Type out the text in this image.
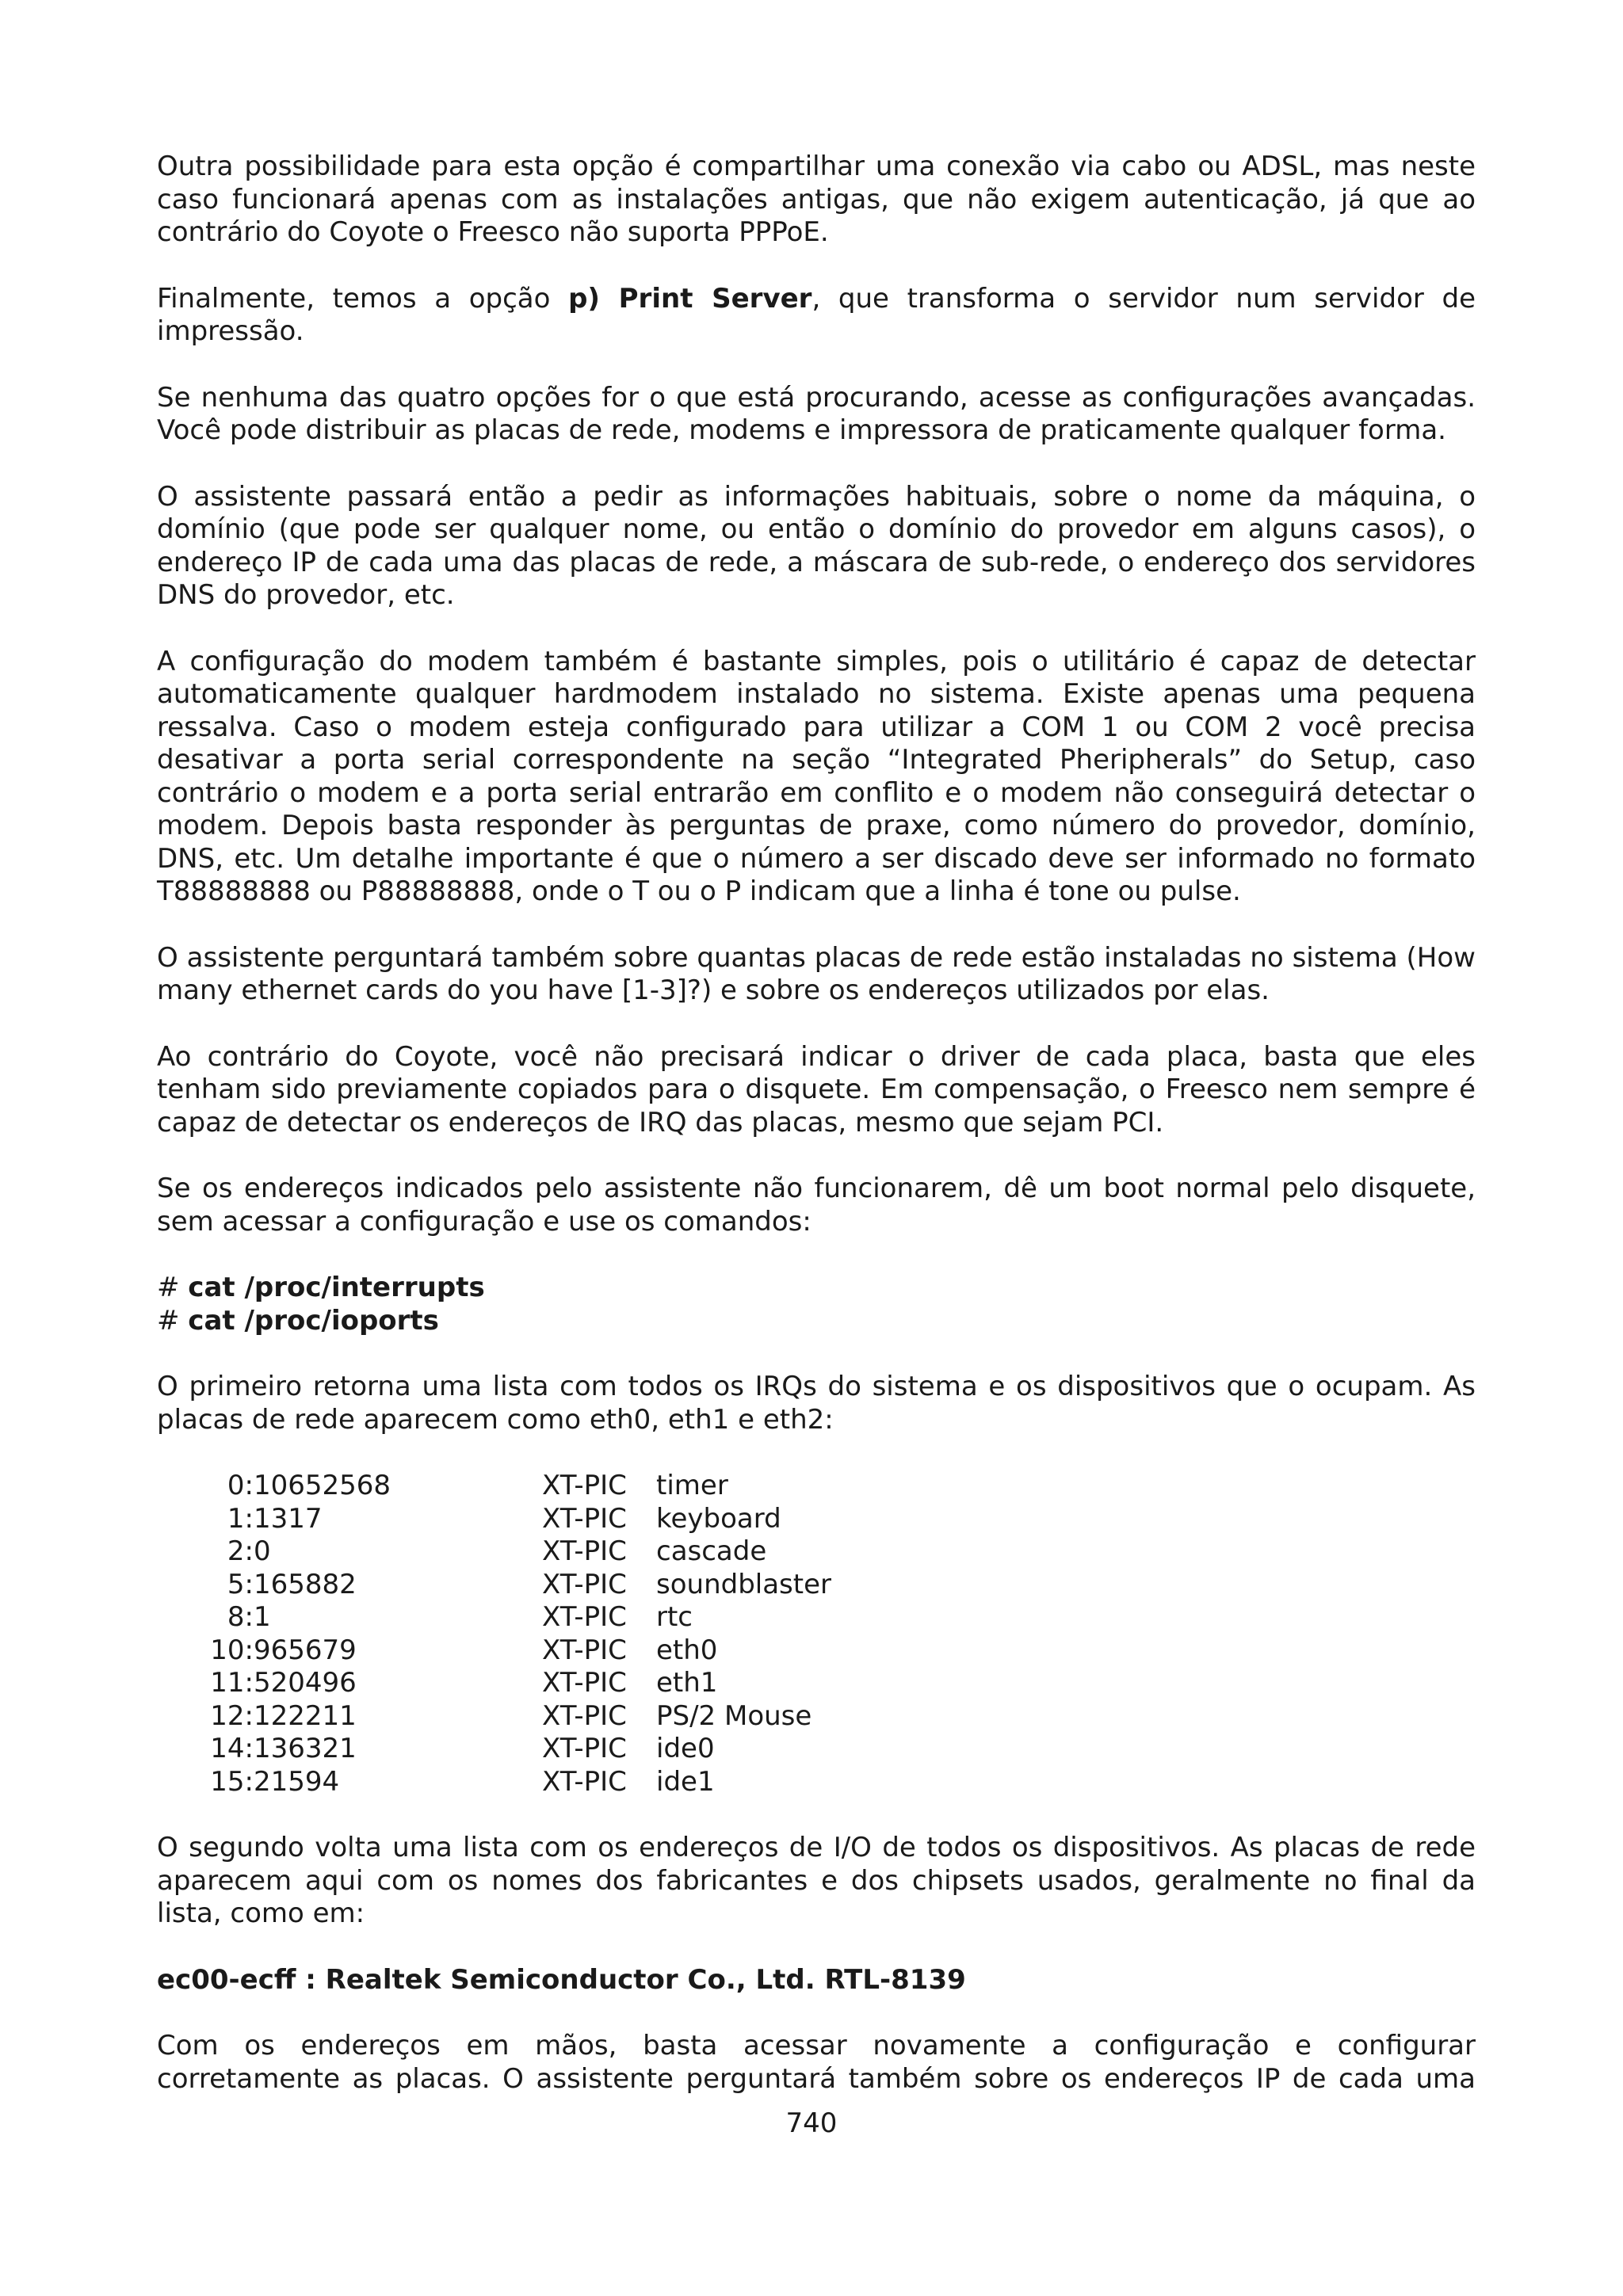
Outra possibilidade para esta opção é compartilhar uma conexão via cabo ou ADSL, mas neste caso funcionará apenas com as instalações antigas, que não exigem autenticação, já que ao contrário do Coyote o Freesco não suporta PPPoE.

Finalmente, temos a opção p) Print Server, que transforma o servidor num servidor de impressão.

Se nenhuma das quatro opções for o que está procurando, acesse as configurações avançadas. Você pode distribuir as placas de rede, modems e impressora de praticamente qualquer forma.

O assistente passará então a pedir as informações habituais, sobre o nome da máquina, o domínio (que pode ser qualquer nome, ou então o domínio do provedor em alguns casos), o endereço IP de cada uma das placas de rede, a máscara de sub-rede, o endereço dos servidores DNS do provedor, etc.

A configuração do modem também é bastante simples, pois o utilitário é capaz de detectar automaticamente qualquer hardmodem instalado no sistema. Existe apenas uma pequena ressalva. Caso o modem esteja configurado para utilizar a COM 1 ou COM 2 você precisa desativar a porta serial correspondente na seção “Integrated Pheripherals” do Setup, caso contrário o modem e a porta serial entrarão em conflito e o modem não conseguirá detectar o modem. Depois basta responder às perguntas de praxe, como número do provedor, domínio, DNS, etc. Um detalhe importante é que o número a ser discado deve ser informado no formato T88888888 ou P88888888, onde o T ou o P indicam que a linha é tone ou pulse.

O assistente perguntará também sobre quantas placas de rede estão instaladas no sistema (How many ethernet cards do you have [1-3]?) e sobre os endereços utilizados por elas.

Ao contrário do Coyote, você não precisará indicar o driver de cada placa, basta que eles tenham sido previamente copiados para o disquete. Em compensação, o Freesco nem sempre é capaz de detectar os endereços de IRQ das placas, mesmo que sejam PCI.

Se os endereços indicados pelo assistente não funcionarem, dê um boot normal pelo disquete, sem acessar a configuração e use os comandos:

# cat /proc/interrupts
# cat /proc/ioports

O primeiro retorna uma lista com todos os IRQs do sistema e os dispositivos que o ocupam. As placas de rede aparecem como eth0, eth1 e eth2:

0:	10652568	XT-PIC	timer
1:	1317	XT-PIC	keyboard
2:	0	XT-PIC	cascade
5:	165882	XT-PIC	soundblaster
8:	1	XT-PIC	rtc
10:	965679	XT-PIC	eth0
11:	520496	XT-PIC	eth1
12:	122211	XT-PIC	PS/2 Mouse
14:	136321	XT-PIC	ide0
15:	21594	XT-PIC	ide1

O segundo volta uma lista com os endereços de I/O de todos os dispositivos. As placas de rede aparecem aqui com os nomes dos fabricantes e dos chipsets usados, geralmente no final da lista, como em:

ec00-ecff : Realtek Semiconductor Co., Ltd. RTL-8139

Com os endereços em mãos, basta acessar novamente a configuração e configurar corretamente as placas. O assistente perguntará também sobre os endereços IP de cada uma

740
